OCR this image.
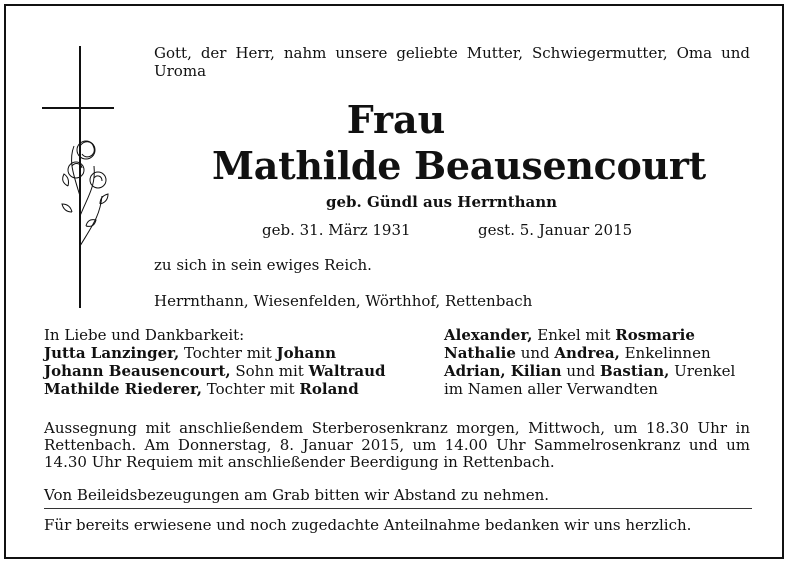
Gott, der Herr, nahm unsere geliebte Mutter, Schwiegermutter, Oma und Uroma
Frau
Mathilde Beausencourt
geb. Gündl aus Herrnthann
geb. 31. März 1931	gest. 5. Januar 2015
zu sich in sein ewiges Reich.
Herrnthann, Wiesenfelden, Wörthhof, Rettenbach
In Liebe und Dankbarkeit:
Jutta Lanzinger, Tochter mit Johann
Johann Beausencourt, Sohn mit Waltraud
Mathilde Riederer, Tochter mit Roland
Alexander, Enkel mit Rosmarie
Nathalie und Andrea, Enkelinnen
Adrian, Kilian und Bastian, Urenkel
im Namen aller Verwandten
Aussegnung mit anschließendem Sterberosenkranz morgen, Mittwoch, um 18.30 Uhr in Rettenbach. Am Donnerstag, 8. Januar 2015, um 14.00 Uhr Sammelrosenkranz und um 14.30 Uhr Requiem mit anschließender Beerdigung in Rettenbach.
Von Beileidsbezeugungen am Grab bitten wir Abstand zu nehmen.
Für bereits erwiesene und noch zugedachte Anteilnahme bedanken wir uns herzlich.
